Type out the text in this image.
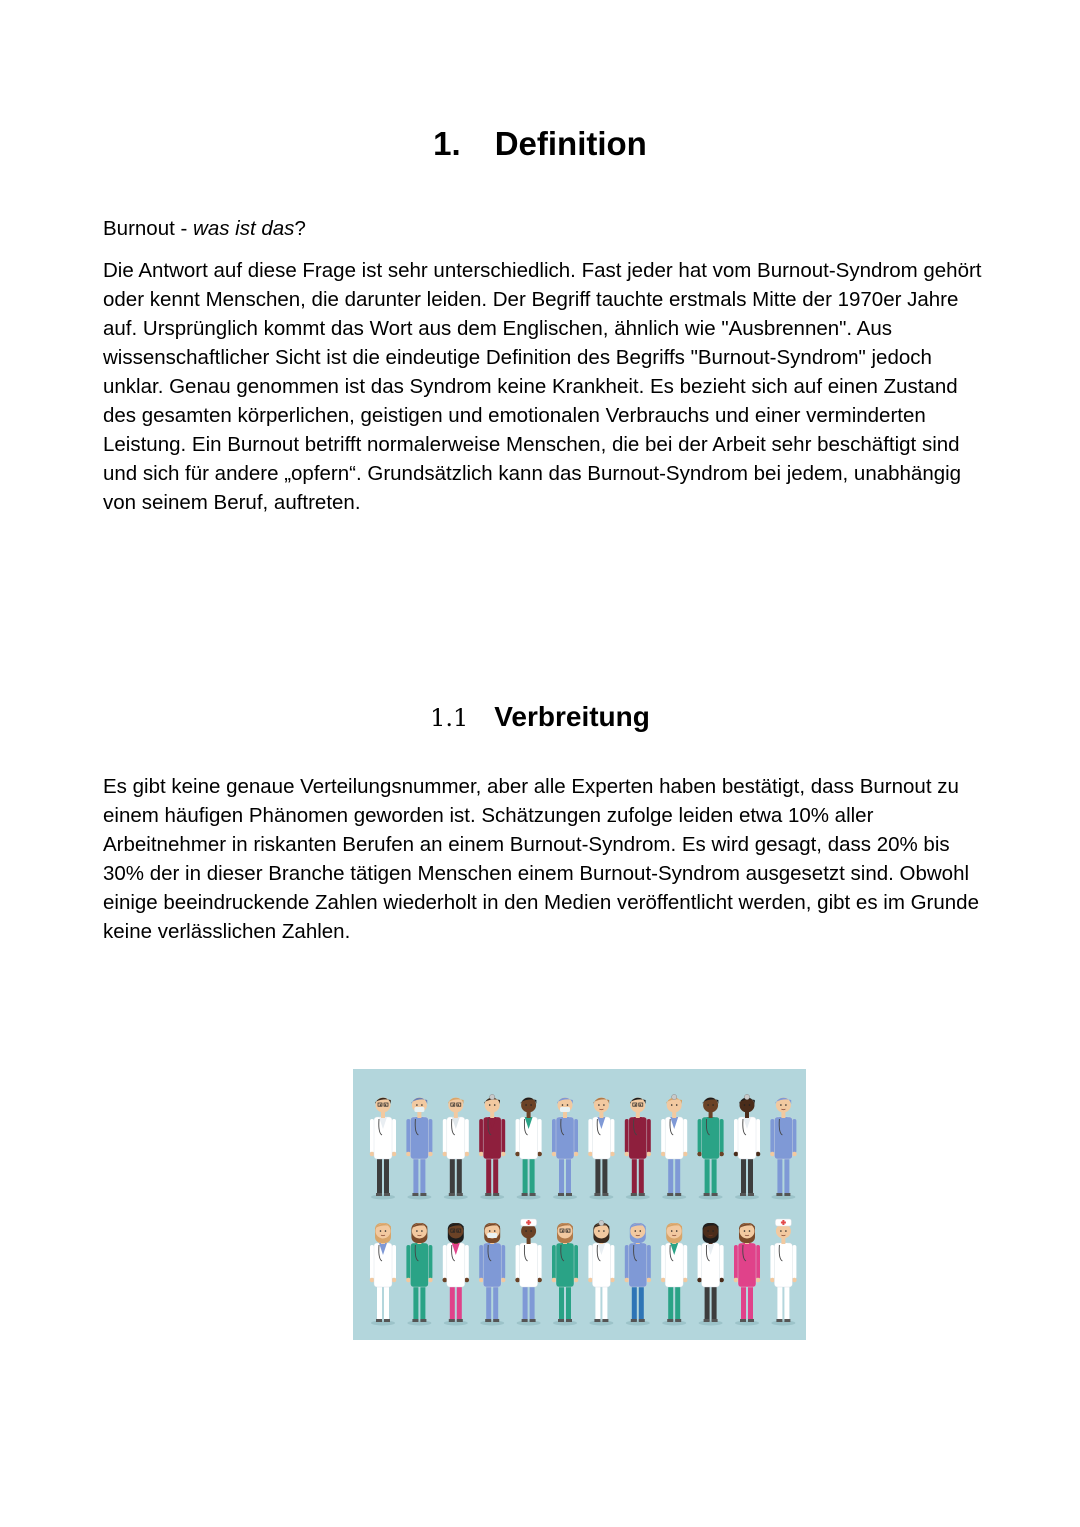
1. Definition
Burnout - was ist das?
Die Antwort auf diese Frage ist sehr unterschiedlich. Fast jeder hat vom Burnout-Syndrom gehört oder kennt Menschen, die darunter leiden. Der Begriff tauchte erstmals Mitte der 1970er Jahre auf. Ursprünglich kommt das Wort aus dem Englischen, ähnlich wie "Ausbrennen". Aus wissenschaftlicher Sicht ist die eindeutige Definition des Begriffs "Burnout-Syndrom" jedoch unklar. Genau genommen ist das Syndrom keine Krankheit. Es bezieht sich auf einen Zustand des gesamten körperlichen, geistigen und emotionalen Verbrauchs und einer verminderten Leistung. Ein Burnout betrifft normalerweise Menschen, die bei der Arbeit sehr beschäftigt sind und sich für andere „opfern“. Grundsätzlich kann das Burnout-Syndrom bei jedem, unabhängig von seinem Beruf, auftreten.
1.1 Verbreitung
Es gibt keine genaue Verteilungsnummer, aber alle Experten haben bestätigt, dass Burnout zu einem häufigen Phänomen geworden ist. Schätzungen zufolge leiden etwa 10% aller Arbeitnehmer in riskanten Berufen an einem Burnout-Syndrom. Es wird gesagt, dass 20% bis 30% der in dieser Branche tätigen Menschen einem Burnout-Syndrom ausgesetzt sind. Obwohl einige beeindruckende Zahlen wiederholt in den Medien veröffentlicht werden, gibt es im Grunde keine verlässlichen Zahlen.
